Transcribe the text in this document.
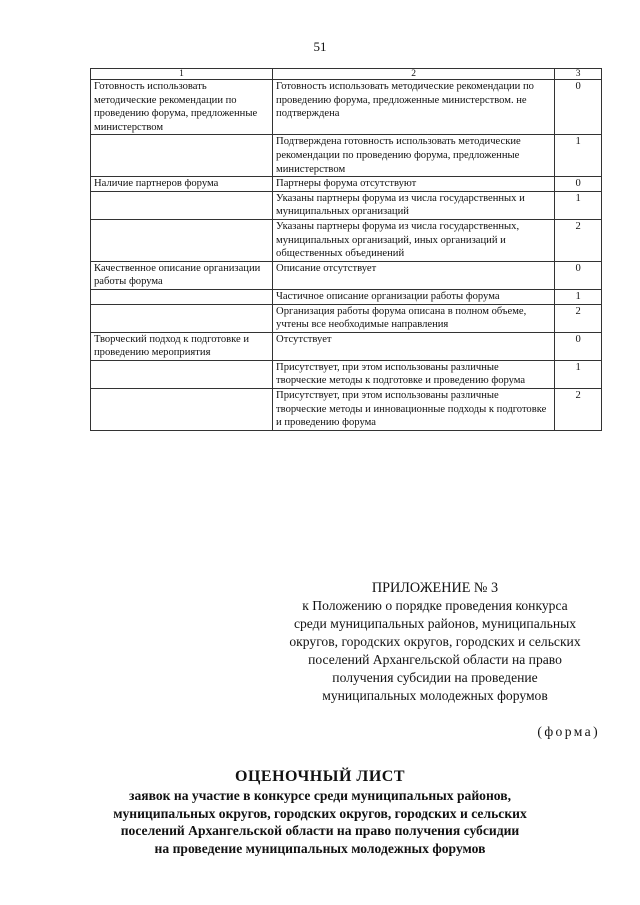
51
1	2	3
Готовность использовать методические рекомендации по проведению форума, предложенные министерством	Готовность использовать методические рекомендации по проведению форума, предложенные министерством. не подтверждена	0
	Подтверждена готовность использовать методические рекомендации по проведению форума, предложенные министерством	1
Наличие партнеров форума	Партнеры форума отсутствуют	0
	Указаны партнеры форума из числа государственных и муниципальных организаций	1
	Указаны партнеры форума из числа государственных, муниципальных организаций, иных организаций и общественных объединений	2
Качественное описание организации работы форума	Описание отсутствует	0
	Частичное описание организации работы форума	1
	Организация работы форума описана в полном объеме, учтены все необходимые направления	2
Творческий подход к подготовке и проведению мероприятия	Отсутствует	0
	Присутствует, при этом использованы различные творческие методы к подготовке и проведению форума	1
	Присутствует, при этом использованы различные творческие методы и инновационные подходы к подготовке и проведению форума	2
ПРИЛОЖЕНИЕ № 3
к Положению о порядке проведения конкурса
среди муниципальных районов, муниципальных
округов, городских округов, городских и сельских
поселений Архангельской области на право
получения субсидии на проведение
муниципальных молодежных форумов
(форма)
ОЦЕНОЧНЫЙ ЛИСТ
заявок на участие в конкурсе среди муниципальных районов,
муниципальных округов, городских округов, городских и сельских
поселений Архангельской области на право получения субсидии
на проведение муниципальных молодежных форумов
